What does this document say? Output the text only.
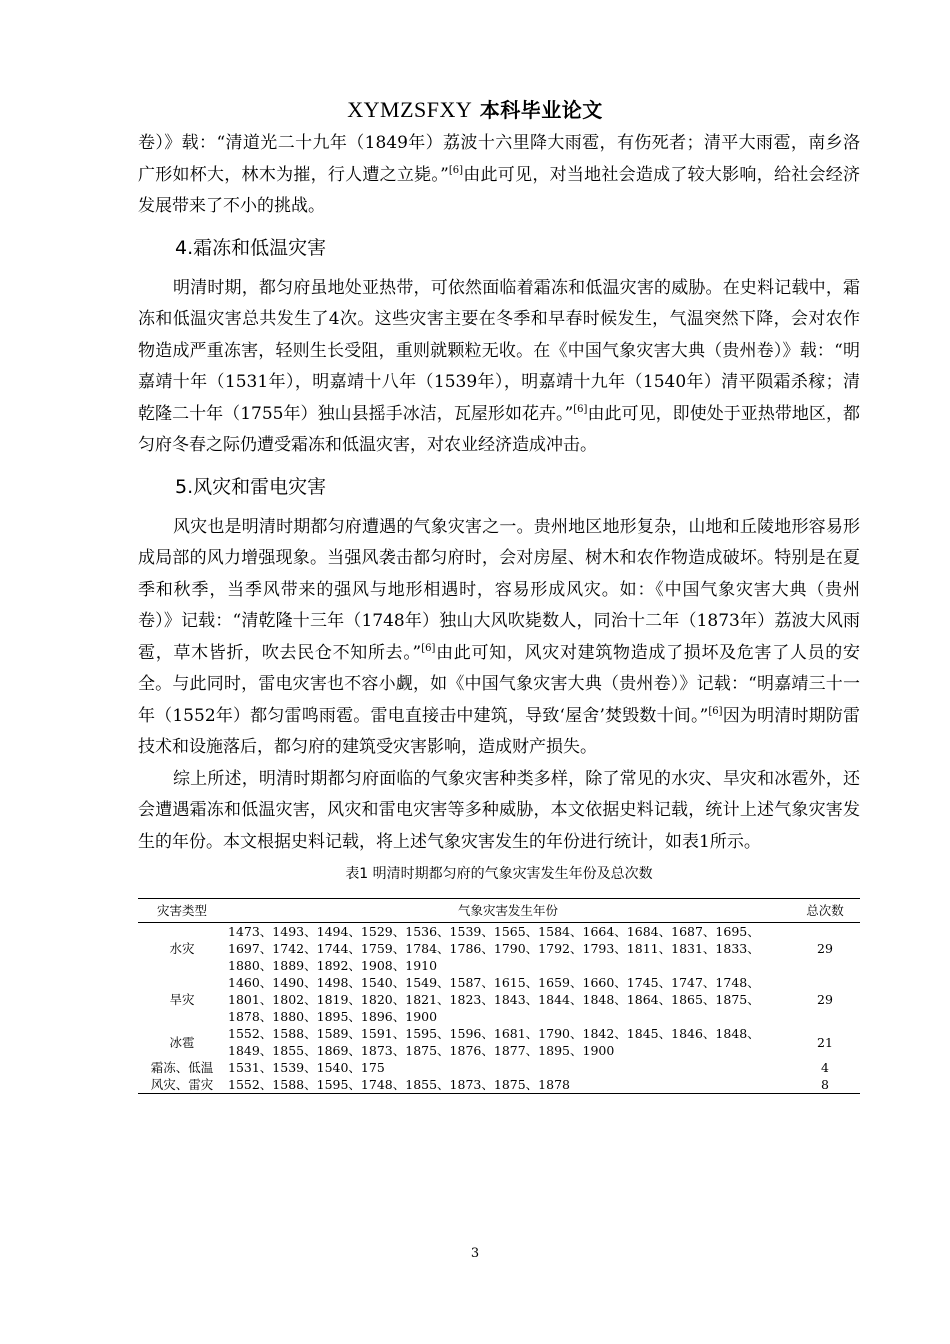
XYMZSFXY 本科毕业论文

卷）》载：“清道光二十九年（1849年）荔波十六里降大雨雹，有伤死者；清平大雨雹，南乡洛广形如杯大，林木为摧，行人遭之立毙。”[6]由此可见，对当地社会造成了较大影响，给社会经济发展带来了不小的挑战。

4.霜冻和低温灾害

明清时期，都匀府虽地处亚热带，可依然面临着霜冻和低温灾害的威胁。在史料记载中，霜冻和低温灾害总共发生了4次。这些灾害主要在冬季和早春时候发生，气温突然下降，会对农作物造成严重冻害，轻则生长受阻，重则就颗粒无收。在《中国气象灾害大典（贵州卷）》载：“明嘉靖十年（1531年），明嘉靖十八年（1539年），明嘉靖十九年（1540年）清平陨霜杀稼；清乾隆二十年（1755年）独山县摇手冰洁，瓦屋形如花卉。”[6]由此可见，即使处于亚热带地区，都匀府冬春之际仍遭受霜冻和低温灾害，对农业经济造成冲击。

5.风灾和雷电灾害

风灾也是明清时期都匀府遭遇的气象灾害之一。贵州地区地形复杂，山地和丘陵地形容易形成局部的风力增强现象。当强风袭击都匀府时，会对房屋、树木和农作物造成破坏。特别是在夏季和秋季，当季风带来的强风与地形相遇时，容易形成风灾。如：《中国气象灾害大典（贵州卷）》记载：“清乾隆十三年（1748年）独山大风吹毙数人，同治十二年（1873年）荔波大风雨雹，草木皆折，吹去民仓不知所去。”[6]由此可知，风灾对建筑物造成了损坏及危害了人员的安全。与此同时，雷电灾害也不容小觑，如《中国气象灾害大典（贵州卷）》记载：“明嘉靖三十一年（1552年）都匀雷鸣雨雹。雷电直接击中建筑，导致‘屋舍’焚毁数十间。”[6]因为明清时期防雷技术和设施落后，都匀府的建筑受灾害影响，造成财产损失。

综上所述，明清时期都匀府面临的气象灾害种类多样，除了常见的水灾、旱灾和冰雹外，还会遭遇霜冻和低温灾害，风灾和雷电灾害等多种威胁，本文依据史料记载，统计上述气象灾害发生的年份。本文根据史料记载，将上述气象灾害发生的年份进行统计，如表1所示。

表1 明清时期都匀府的气象灾害发生年份及总次数
灾害类型	气象灾害发生年份	总次数
水灾	1473、1493、1494、1529、1536、1539、1565、1584、1664、1684、1687、1695、1697、1742、1744、1759、1784、1786、1790、1792、1793、1811、1831、1833、1880、1889、1892、1908、1910	29
旱灾	1460、1490、1498、1540、1549、1587、1615、1659、1660、1745、1747、1748、1801、1802、1819、1820、1821、1823、1843、1844、1848、1864、1865、1875、1878、1880、1895、1896、1900	29
冰雹	1552、1588、1589、1591、1595、1596、1681、1790、1842、1845、1846、1848、1849、1855、1869、1873、1875、1876、1877、1895、1900	21
霜冻、低温	1531、1539、1540、175	4
风灾、雷灾	1552、1588、1595、1748、1855、1873、1875、1878	8
3
